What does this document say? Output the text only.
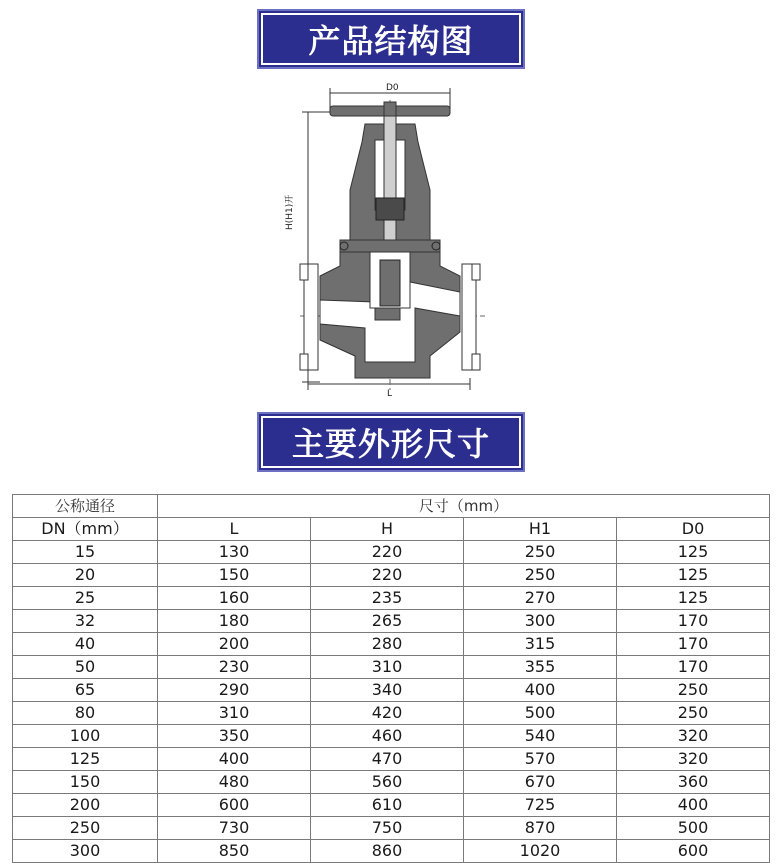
产品结构图
D0
H(H1)开
L
主要外形尺寸
公称通径	尺寸（mm）			
DN（mm）	L	H	H1	D0
15	130	220	250	125
20	150	220	250	125
25	160	235	270	125
32	180	265	300	170
40	200	280	315	170
50	230	310	355	170
65	290	340	400	250
80	310	420	500	250
100	350	460	540	320
125	400	470	570	320
150	480	560	670	360
200	600	610	725	400
250	730	750	870	500
300	850	860	1020	600
